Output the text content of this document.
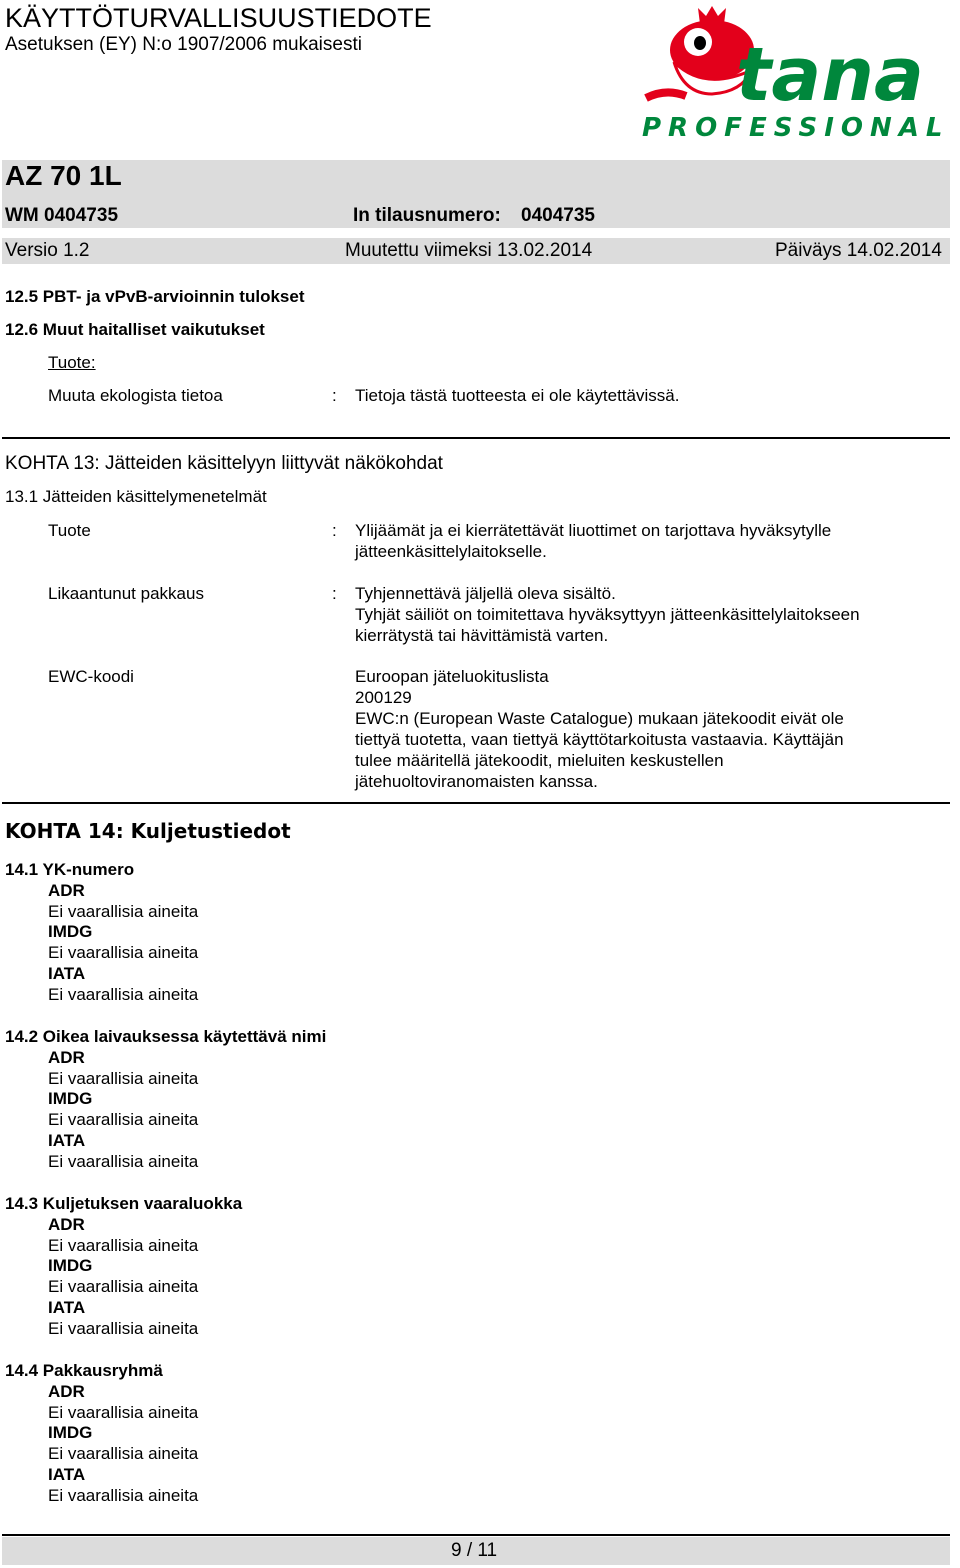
KÄYTTÖTURVALLISUUSTIEDOTE
Asetuksen (EY) N:o 1907/2006 mukaisesti	tana
PROFESSIONAL
AZ 70 1L
WM 0404735	In tilausnumero: 0404735
Versio 1.2	Muutettu viimeksi 13.02.2014	Päiväys 14.02.2014
12.5 PBT- ja vPvB-arvioinnin tulokset
12.6 Muut haitalliset vaikutukset
Tuote:
Muuta ekologista tietoa	: Tietoja tästä tuotteesta ei ole käytettävissä.
KOHTA 13: Jätteiden käsittelyyn liittyvät näkökohdat
13.1 Jätteiden käsittelymenetelmät
Tuote	: Ylijäämät ja ei kierrätettävät liuottimet on tarjottava hyväksytylle
jätteenkäsittelylaitokselle.
Likaantunut pakkaus	: Tyhjennettävä jäljellä oleva sisältö.
Tyhjät säiliöt on toimitettava hyväksyttyyn jätteenkäsittelylaitokseen
kierrätystä tai hävittämistä varten.
EWC-koodi	Euroopan jäteluokituslista
200129
EWC:n (European Waste Catalogue) mukaan jätekoodit eivät ole
tiettyä tuotetta, vaan tiettyä käyttötarkoitusta vastaavia. Käyttäjän
tulee määritellä jätekoodit, mieluiten keskustellen
jätehuoltoviranomaisten kanssa.
KOHTA 14: Kuljetustiedot
14.1 YK-numero
ADR
Ei vaarallisia aineita
IMDG
Ei vaarallisia aineita
IATA
Ei vaarallisia aineita
14.2 Oikea laivauksessa käytettävä nimi
ADR
Ei vaarallisia aineita
IMDG
Ei vaarallisia aineita
IATA
Ei vaarallisia aineita
14.3 Kuljetuksen vaaraluokka
ADR
Ei vaarallisia aineita
IMDG
Ei vaarallisia aineita
IATA
Ei vaarallisia aineita
14.4 Pakkausryhmä
ADR
Ei vaarallisia aineita
IMDG
Ei vaarallisia aineita
IATA
Ei vaarallisia aineita
9 / 11
